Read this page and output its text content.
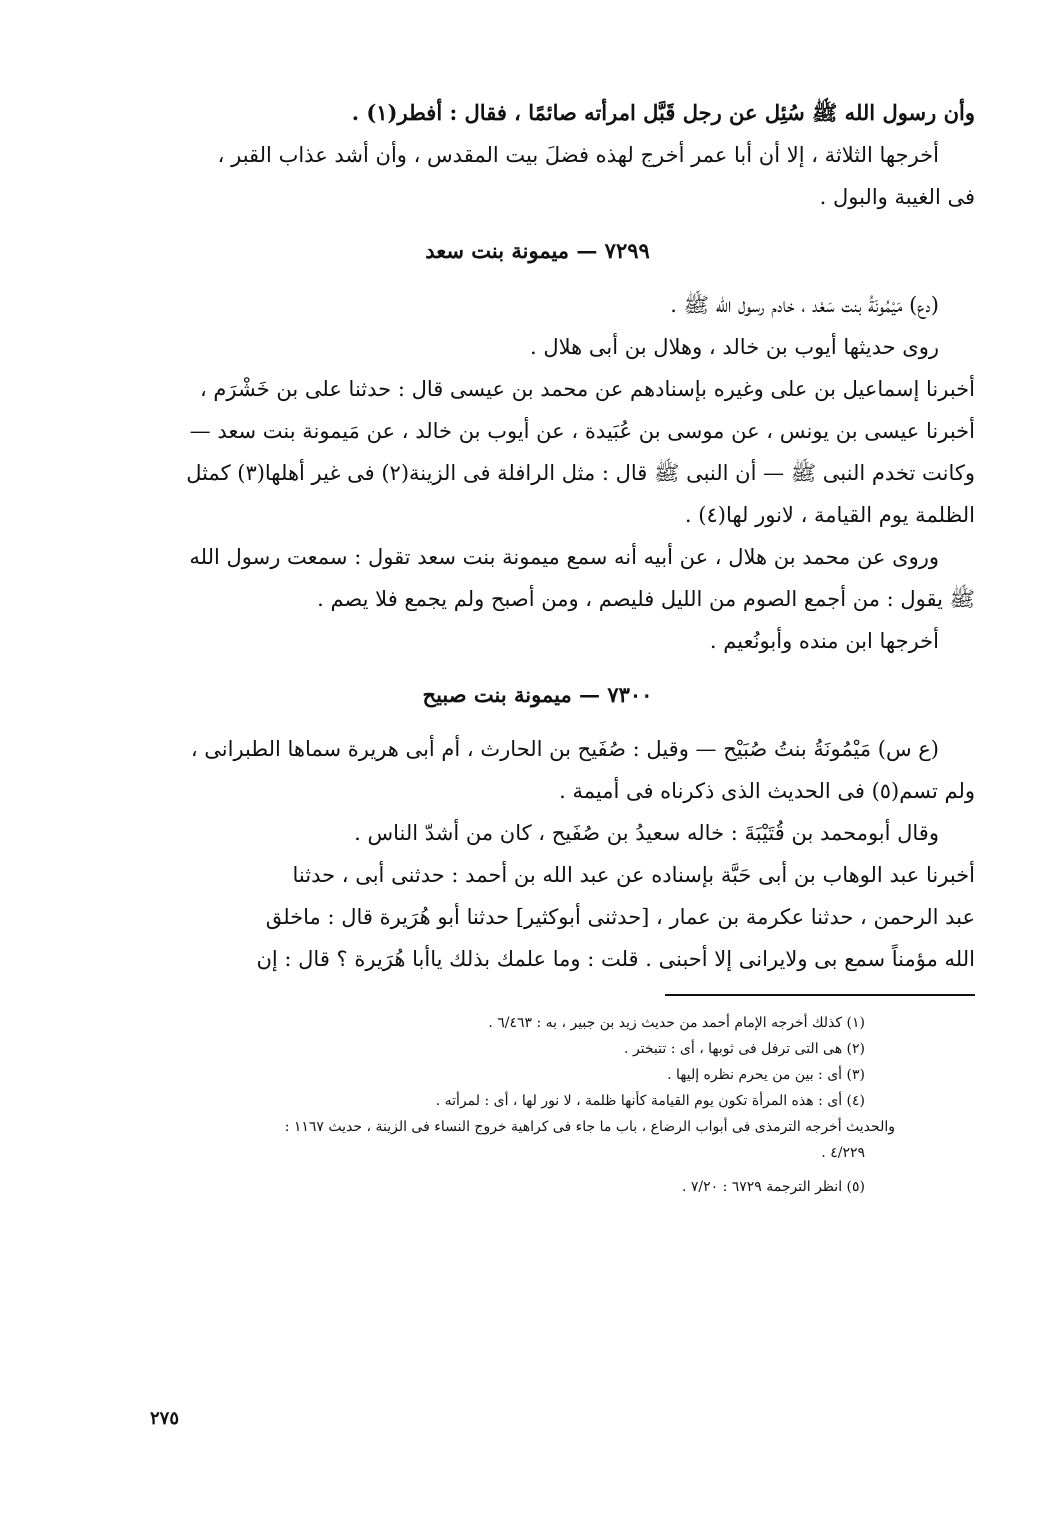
وأن رسول الله ﷺ سُئِل عن رجل قَبَّل امرأته صائمًا ، فقال : أفطر(١) .

أخرجها الثلاثة ، إلا أن أبا عمر أخرج لهذه فضلَ بيت المقدس ، وأن أشد عذاب القبر ،

فى الغيبة والبول .

٧٢٩٩ — ميمونة بنت سعد

(دع) مَيْمُونَةُ بنت سَعْد ، خادم رسول الله ﷺ .

روى حديثها أيوب بن خالد ، وهلال بن أبى هلال .

أخبرنا إسماعيل بن على وغيره بإسنادهم عن محمد بن عيسى قال : حدثنا على بن خَشْرَم ،

أخبرنا عيسى بن يونس ، عن موسى بن عُبَيدة ، عن أيوب بن خالد ، عن مَيمونة بنت سعد —

وكانت تخدم النبى ﷺ — أن النبى ﷺ قال : مثل الرافلة فى الزينة(٢) فى غير أهلها(٣) كمثل

الظلمة يوم القيامة ، لانور لها(٤) .

وروى عن محمد بن هلال ، عن أبيه أنه سمع ميمونة بنت سعد تقول : سمعت رسول الله

ﷺ يقول : من أجمع الصوم من الليل فليصم ، ومن أصبح ولم يجمع فلا يصم .

أخرجها ابن منده وأبونُعيم .

٧٣٠٠ — ميمونة بنت صبيح

(ع س) مَيْمُونَةُ بنتُ صُبَيْح — وقيل : صُفَيح بن الحارث ، أم أبى هريرة سماها الطبرانى ،

ولم تسم(٥) فى الحديث الذى ذكرناه فى أميمة .

وقال أبومحمد بن قُتَيْبَةَ : خاله سعيدُ بن صُفَيح ، كان من أشدّ الناس .

أخبرنا عبد الوهاب بن أبى حَبَّة بإسناده عن عبد الله بن أحمد : حدثنى أبى ، حدثنا

عبد الرحمن ، حدثنا عكرمة بن عمار ، [حدثنى أبوكثير] حدثنا أبو هُرَيرة قال : ماخلق

الله مؤمناً سمع بى ولايرانى إلا أحبنى . قلت : وما علمك بذلك ياأبا هُرَيرة ؟ قال : إن

(١) كذلك أخرجه الإمام أحمد من حديث زيد بن جبير ، به : ٦/٤٦٣ .

(٢) هى التى ترفل فى ثوبها ، أى : تتبختر .

(٣) أى : بين من يحرم نظره إليها .

(٤) أى : هذه المرأة تكون يوم القيامة كأنها ظلمة ، لا نور لها ، أى : لمرأته .

والحديث أخرجه الترمذى فى أبواب الرضاع ، باب ما جاء فى كراهية خروج النساء فى الزينة ، حديث ١١٦٧ :

٤/٢٢٩ .

(٥) انظر الترجمة ٦٧٢٩ : ٧/٢٠ .

٢٧٥
